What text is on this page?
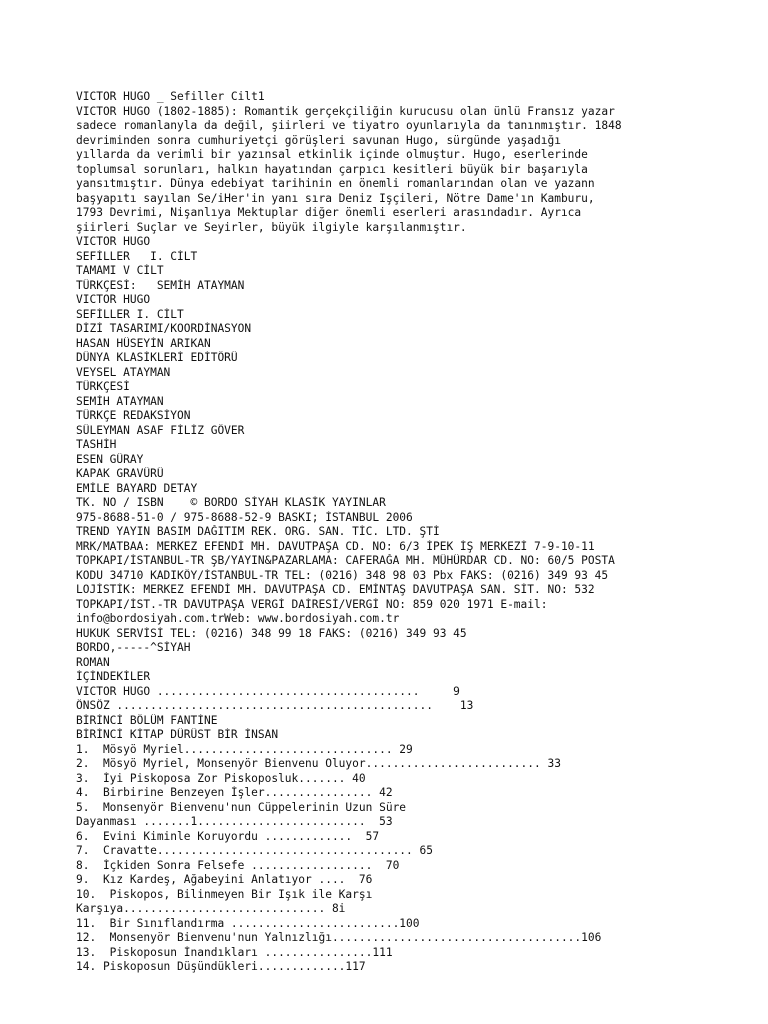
VICTOR HUGO _ Sefiller Cilt1
VICTOR HUGO (1802-1885): Romantik gerçekçiliğin kurucusu olan ünlü Fransız yazar
sadece romanlanyla da değil, şiirleri ve tiyatro oyunlarıyla da tanınmıştır. 1848
devriminden sonra cumhuriyetçi görüşleri savunan Hugo, sürgünde yaşadığı
yıllarda da verimli bir yazınsal etkinlik içinde olmuştur. Hugo, eserlerinde
toplumsal sorunları, halkın hayatından çarpıcı kesitleri büyük bir başarıyla
yansıtmıştır. Dünya edebiyat tarihinin en önemli romanlarından olan ve yazann
başyapıtı sayılan Se/iHer'in yanı sıra Deniz Işçileri, Nötre Dame'ın Kamburu,
1793 Devrimi, Nişanlıya Mektuplar diğer önemli eserleri arasındadır. Ayrıca
şiirleri Suçlar ve Seyirler, büyük ilgiyle karşılanmıştır.
VICTOR HUGO
SEFİLLER   I. CİLT
TAMAMI V CİLT
TÜRKÇESİ:   SEMİH ATAYMAN
VICTOR HUGO
SEFİLLER I. CİLT
DİZİ TASARIMI/KOORDİNASYON
HASAN HÜSEYİN ARIKAN
DÜNYA KLASİKLERİ EDİTÖRÜ
VEYSEL ATAYMAN
TÜRKÇESİ
SEMİH ATAYMAN
TÜRKÇE REDAKSİYON
SÜLEYMAN ASAF FİLİZ GÖVER
TASHİH
ESEN GÜRAY
KAPAK GRAVÜRÜ
EMİLE BAYARD DETAY
TK. NO / ISBN    © BORDO SİYAH KLASİK YAYINLAR
975-8688-51-0 / 975-8688-52-9 BASKI; İSTANBUL 2006
TREND YAYIN BASIM DAĞITIM REK. ORG. SAN. TİC. LTD. ŞTİ
MRK/MATBAA: MERKEZ EFENDİ MH. DAVUTPAŞA CD. NO: 6/3 İPEK İŞ MERKEZİ 7-9-10-11
TOPKAPI/İSTANBUL-TR ŞB/YAYIN&PAZARLAMA: CAFERAĞA MH. MÜHÜRDAR CD. NO: 60/5 POSTA
KODU 34710 KADIKÖY/İSTANBUL-TR TEL: (0216) 348 98 03 Pbx FAKS: (0216) 349 93 45
LOJİSTİK: MERKEZ EFENDİ MH. DAVUTPAŞA CD. EMİNTAŞ DAVUTPAŞA SAN. SİT. NO: 532
TOPKAPI/İST.-TR DAVUTPAŞA VERGİ DAİRESİ/VERGİ NO: 859 020 1971 E-mail:
info@bordosiyah.com.trWeb: www.bordosiyah.com.tr
HUKUK SERVİSİ TEL: (0216) 348 99 18 FAKS: (0216) 349 93 45
BORDO,-----^SİYAH
ROMAN
İÇİNDEKİLER
VICTOR HUGO .......................................     9
ÖNSÖZ ...............................................    13
BİRİNCİ BÖLÜM FANTİNE
BİRİNCİ KİTAP DÜRÜST BİR İNSAN
1.  Mösyö Myriel............................... 29
2.  Mösyö Myriel, Monsenyör Bienvenu Oluyor.......................... 33
3.  İyi Piskoposa Zor Piskoposluk....... 40
4.  Birbirine Benzeyen İşler................ 42
5.  Monsenyör Bienvenu'nun Cüppelerinin Uzun Süre
Dayanması .......1.........................  53
6.  Evini Kiminle Koruyordu .............  57
7.  Cravatte...................................... 65
8.  İçkiden Sonra Felsefe ..................  70
9.  Kız Kardeş, Ağabeyini Anlatıyor ....  76
10.  Piskopos, Bilinmeyen Bir Işık ile Karşı
Karşıya.............................. 8i
11.  Bir Sınıflandırma .........................100
12.  Monsenyör Bienvenu'nun Yalnızlığı.....................................106
13.  Piskoposun İnandıkları ................111
14. Piskoposun Düşündükleri.............117
